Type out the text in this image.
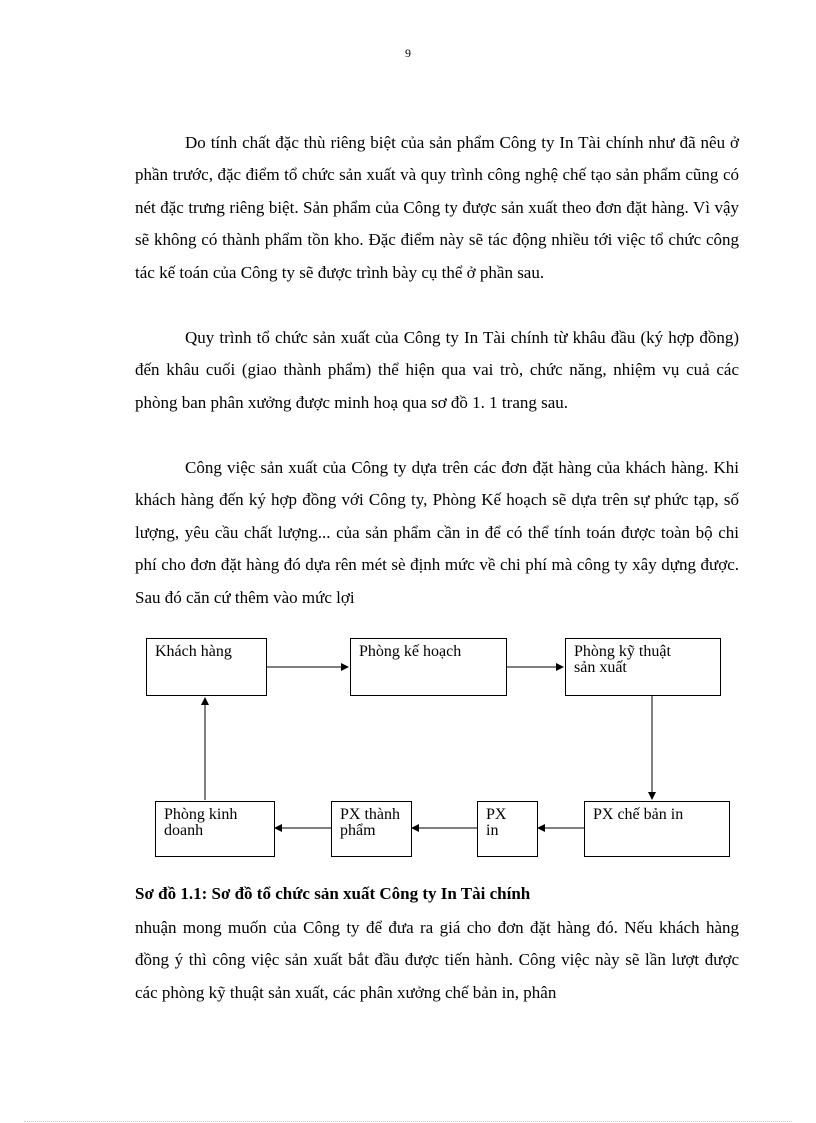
9

Do tính chất đặc thù riêng biệt của sản phẩm Công ty In Tài chính như đã nêu ở phần trước, đặc điểm tổ chức sản xuất và quy trình công nghệ chế tạo sản phẩm cũng có nét đặc trưng riêng biệt. Sản phẩm của Công ty được sản xuất theo đơn đặt hàng. Vì vậy sẽ không có thành phẩm tồn kho. Đặc điểm này sẽ tác động nhiều tới việc tổ chức công tác kế toán của Công ty sẽ được trình bày cụ thể ở phần sau.

Quy trình tổ chức sản xuất của Công ty In Tài chính từ khâu đầu (ký hợp đồng) đến khâu cuối (giao thành phẩm) thể hiện qua vai trò, chức năng, nhiệm vụ cuả các phòng ban phân xưởng được minh hoạ qua sơ đồ 1. 1 trang sau.

Công việc sản xuất của Công ty dựa trên các đơn đặt hàng của khách hàng. Khi khách hàng đến ký hợp đồng với Công ty, Phòng Kế hoạch sẽ dựa trên sự phức tạp, số lượng, yêu cầu chất lượng... của sản phẩm cần in để có thể tính toán được toàn bộ chi phí cho đơn đặt hàng đó dựa rên mét sè định mức về chi phí mà công ty xây dựng được. Sau đó căn cứ thêm vào mức lợi

Khách hàng	Phòng kế hoạch	Phòng kỹ thuật
sản xuất
PX chế bản in
PX
in
PX thành
phẩm
Phòng kinh
doanh

Sơ đồ 1.1: Sơ đồ tổ chức sản xuất Công ty In Tài chính

nhuận mong muốn của Công ty để đưa ra giá cho đơn đặt hàng đó. Nếu khách hàng đồng ý thì công việc sản xuất bắt đầu được tiến hành. Công việc này sẽ lần lượt được các phòng kỹ thuật sản xuất, các phân xưởng chế bản in, phân
